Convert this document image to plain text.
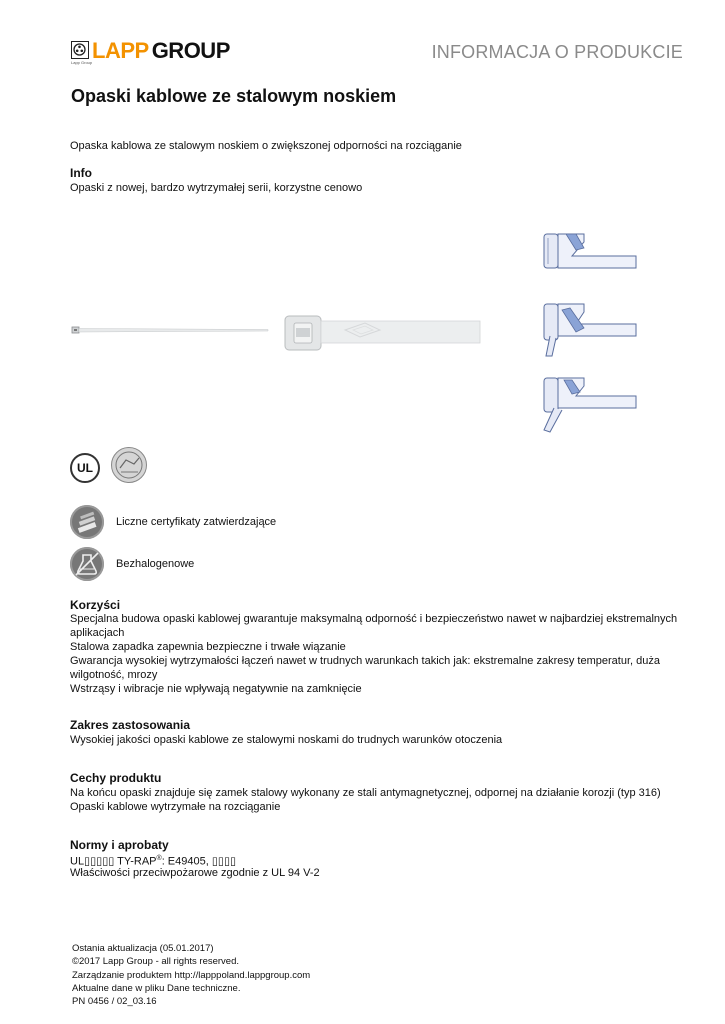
LAPP GROUP
Lapp Group
INFORMACJA O PRODUKCIE
Opaski kablowe ze stalowym noskiem
Opaska kablowa ze stalowym noskiem o zwiększonej odporności na rozciąganie
Info
Opaski z nowej, bardzo wytrzymałej serii, korzystne cenowo
UL
Liczne certyfikaty zatwierdzające
Bezhalogenowe
Korzyści
Specjalna budowa opaski kablowej gwarantuje maksymalną odporność i bezpieczeństwo nawet w najbardziej ekstremalnych
aplikacjach
Stalowa zapadka zapewnia bezpieczne i trwałe wiązanie
Gwarancja wysokiej wytrzymałości łączeń nawet w trudnych warunkach takich jak: ekstremalne zakresy temperatur, duża
wilgotność, mrozy
Wstrząsy i wibracje nie wpływają negatywnie na zamknięcie
Zakres zastosowania
Wysokiej jakości opaski kablowe ze stalowymi noskami do trudnych warunków otoczenia
Cechy produktu
Na końcu opaski znajduje się zamek stalowy wykonany ze stali antymagnetycznej, odpornej na działanie korozji (typ 316)
Opaski kablowe wytrzymałe na rozciąganie
Normy i aprobaty
UL▯▯▯▯▯ TY-RAP®: E49405, ▯▯▯▯
Właściwości przeciwpożarowe zgodnie z UL 94 V-2
Ostania aktualizacja (05.01.2017)
©2017 Lapp Group - all rights reserved.
Zarządzanie produktem http://lapppoland.lappgroup.com
Aktualne dane w pliku Dane techniczne.
PN 0456 / 02_03.16
